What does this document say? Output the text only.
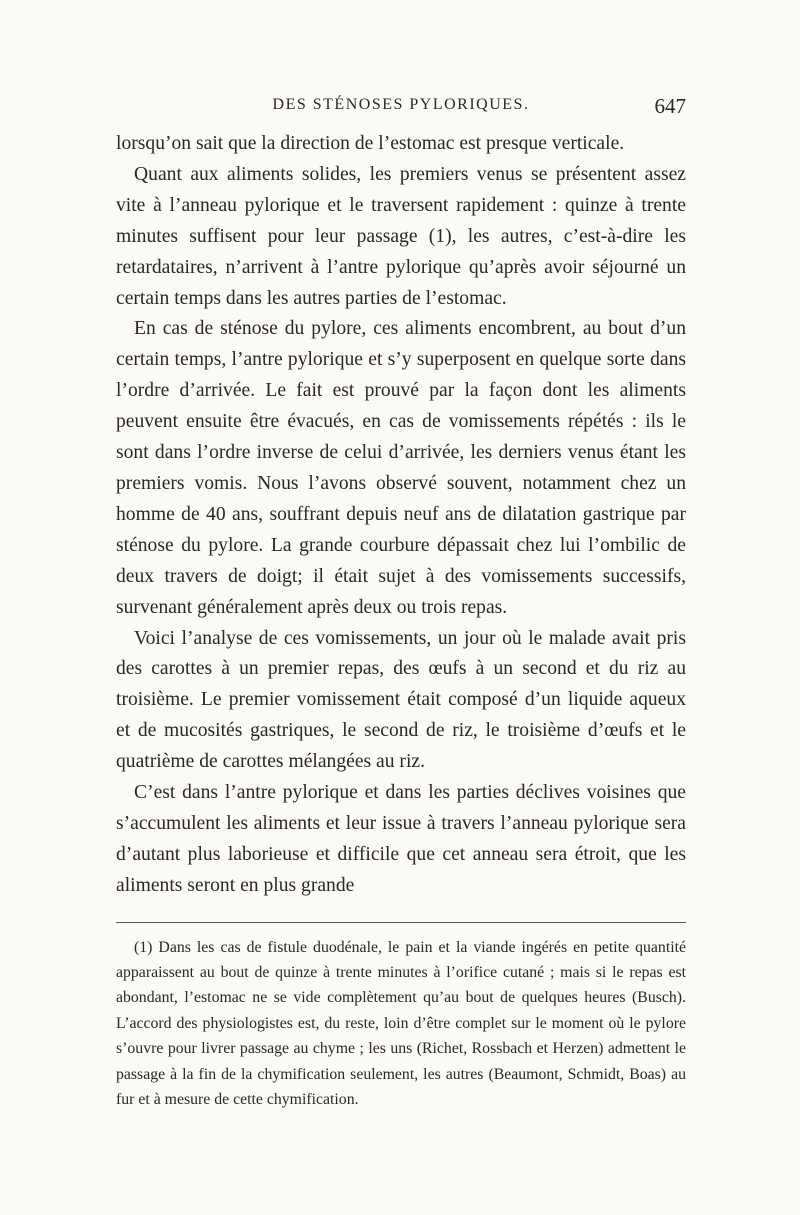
DES STÉNOSES PYLORIQUES.	647

lorsqu’on sait que la direction de l’estomac est presque verticale.

Quant aux aliments solides, les premiers venus se présentent assez vite à l’anneau pylorique et le traversent rapidement : quinze à trente minutes suffisent pour leur passage (1), les autres, c’est-à-dire les retardataires, n’arrivent à l’antre pylorique qu’après avoir séjourné un certain temps dans les autres parties de l’estomac.

En cas de sténose du pylore, ces aliments encombrent, au bout d’un certain temps, l’antre pylorique et s’y superposent en quelque sorte dans l’ordre d’arrivée. Le fait est prouvé par la façon dont les aliments peuvent ensuite être évacués, en cas de vomissements répétés : ils le sont dans l’ordre inverse de celui d’arrivée, les derniers venus étant les premiers vomis. Nous l’avons observé souvent, notamment chez un homme de 40 ans, souffrant depuis neuf ans de dilatation gastrique par sténose du pylore. La grande courbure dépassait chez lui l’ombilic de deux travers de doigt; il était sujet à des vomissements successifs, survenant généralement après deux ou trois repas.

Voici l’analyse de ces vomissements, un jour où le malade avait pris des carottes à un premier repas, des œufs à un second et du riz au troisième. Le premier vomissement était composé d’un liquide aqueux et de mucosités gastriques, le second de riz, le troisième d’œufs et le quatrième de carottes mélangées au riz.

C’est dans l’antre pylorique et dans les parties déclives voisines que s’accumulent les aliments et leur issue à travers l’anneau pylorique sera d’autant plus laborieuse et difficile que cet anneau sera étroit, que les aliments seront en plus grande

(1) Dans les cas de fistule duodénale, le pain et la viande ingérés en petite quantité apparaissent au bout de quinze à trente minutes à l’orifice cutané ; mais si le repas est abondant, l’estomac ne se vide complètement qu’au bout de quelques heures (Busch). L’accord des physiologistes est, du reste, loin d’être complet sur le moment où le pylore s’ouvre pour livrer passage au chyme ; les uns (Richet, Rossbach et Herzen) admettent le passage à la fin de la chymification seulement, les autres (Beaumont, Schmidt, Boas) au fur et à mesure de cette chymification.
